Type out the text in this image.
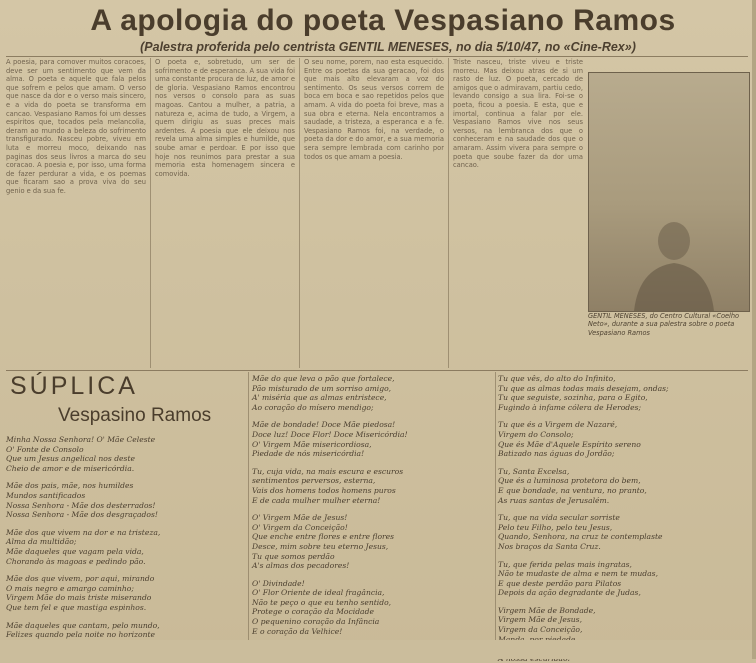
A apologia do poeta Vespasiano Ramos
(Palestra proferida pelo centrista GENTIL MENESES, no dia 5/10/47, no «Cine-Rex»)
A poesia, para comover muitos coracoes, deve ser um sentimento que vem da alma. O poeta e aquele que fala pelos que sofrem e pelos que amam. O verso que nasce da dor e o verso mais sincero, e a vida do poeta se transforma em cancao. Vespasiano Ramos foi um desses espiritos que, tocados pela melancolia, deram ao mundo a beleza do sofrimento transfigurado. Nasceu pobre, viveu em luta e morreu moco, deixando nas paginas dos seus livros a marca do seu coracao. A poesia e, por isso, uma forma de fazer perdurar a vida, e os poemas que ficaram sao a prova viva do seu genio e da sua fe.
O poeta e, sobretudo, um ser de sofrimento e de esperanca. A sua vida foi uma constante procura de luz, de amor e de gloria. Vespasiano Ramos encontrou nos versos o consolo para as suas magoas. Cantou a mulher, a patria, a natureza e, acima de tudo, a Virgem, a quem dirigiu as suas preces mais ardentes. A poesia que ele deixou nos revela uma alma simples e humilde, que soube amar e perdoar. E por isso que hoje nos reunimos para prestar a sua memoria esta homenagem sincera e comovida.
O seu nome, porem, nao esta esquecido. Entre os poetas da sua geracao, foi dos que mais alto elevaram a voz do sentimento. Os seus versos correm de boca em boca e sao repetidos pelos que amam. A vida do poeta foi breve, mas a sua obra e eterna. Nela encontramos a saudade, a tristeza, a esperanca e a fe. Vespasiano Ramos foi, na verdade, o poeta da dor e do amor, e a sua memoria sera sempre lembrada com carinho por todos os que amam a poesia.
Triste nasceu, triste viveu e triste morreu. Mas deixou atras de si um rasto de luz. O poeta, cercado de amigos que o admiravam, partiu cedo, levando consigo a sua lira. Foi-se o poeta, ficou a poesia. E esta, que e imortal, continua a falar por ele. Vespasiano Ramos vive nos seus versos, na lembranca dos que o conheceram e na saudade dos que o amaram. Assim vivera para sempre o poeta que soube fazer da dor uma cancao.
GENTIL MENESES, do Centro Cultural «Coelho Neto», durante a sua palestra sobre o poeta Vespasiano Ramos
SÚPLICA
Vespasino Ramos
Minha Nossa Senhora! O' Mãe Celeste
O' Fonte de Consolo
Que um Jesus angelical nos deste
Cheio de amor e de misericórdia.
Mãe dos pais, mãe, nos humildes
Mundos santificados
Nossa Senhora - Mãe dos desterrados!
Nossa Senhora - Mãe dos desgraçados!
Mãe dos que vivem na dor e na tristeza,
Alma da multidão;
Mãe daqueles que vagam pela vida,
Chorando às magoas e pedindo pão.
Mãe dos que vivem, por aqui, mirando
O mais negro e amargo caminho;
Virgem Mãe do mais triste miserando
Que tem fel e que mastiga espinhos.
Mãe daqueles que cantam, pelo mundo,
Felizes quando pela noite no horizonte
Mãe do que leva o pão que fortalece,
Pão misturado de um sorriso amigo,
A' miséria que as almas entristece,
Ao coração do mísero mendigo;
Mãe de bondade! Doce Mãe piedosa!
Doce luz! Doce Flor! Doce Misericórdia!
O' Virgem Mãe misericordiosa,
Piedade de nós misericórdia!
Tu, cuja vida, na mais escura e escuros
sentimentos perversos, esterna,
Vais dos homens todos homens puros
E de cada mulher mulher eterna!
O' Virgem Mãe de Jesus!
O' Virgem da Conceição!
Que enche entre flores e entre flores
Desce, mim sobre teu eterno Jesus,
Tu que somos perdão
A's almas dos pecadores!
O' Divindade!
O' Flor Oriente de ideal fragância,
Não te peço o que eu tenho sentido,
Protege o coração da Mocidade
O pequenino coração da Infância
E o coração da Velhice!
Tu que vês, do alto do Infinito,
Tu que as almas todas mais desejam, ondas;
Tu que seguiste, sozinha, para o Egito,
Fugindo à infame cólera de Herodes;
Tu que és a Virgem de Nazaré,
Virgem do Consolo;
Que és Mãe d'Aquele Espírito sereno
Batizado nas águas do Jordão;
Tu, Santa Excelsa,
Que és a luminosa protetora do bem,
E que bondade, na ventura, no pranto,
As ruas santas de Jerusalém.
Tu, que na vida secular sorriste
Pelo teu Filho, pelo teu Jesus,
Quando, Senhora, na cruz te contemplaste
Nos braços da Santa Cruz.
Tu, que ferida pelas mais ingratas,
Não te mudaste de alma e nem te mudas,
E que deste perdão para Pilatos
Depois da ação degradante de Judas,
Virgem Mãe de Bondade,
Virgem Mãe de Jesus,
Virgem da Conceição,
